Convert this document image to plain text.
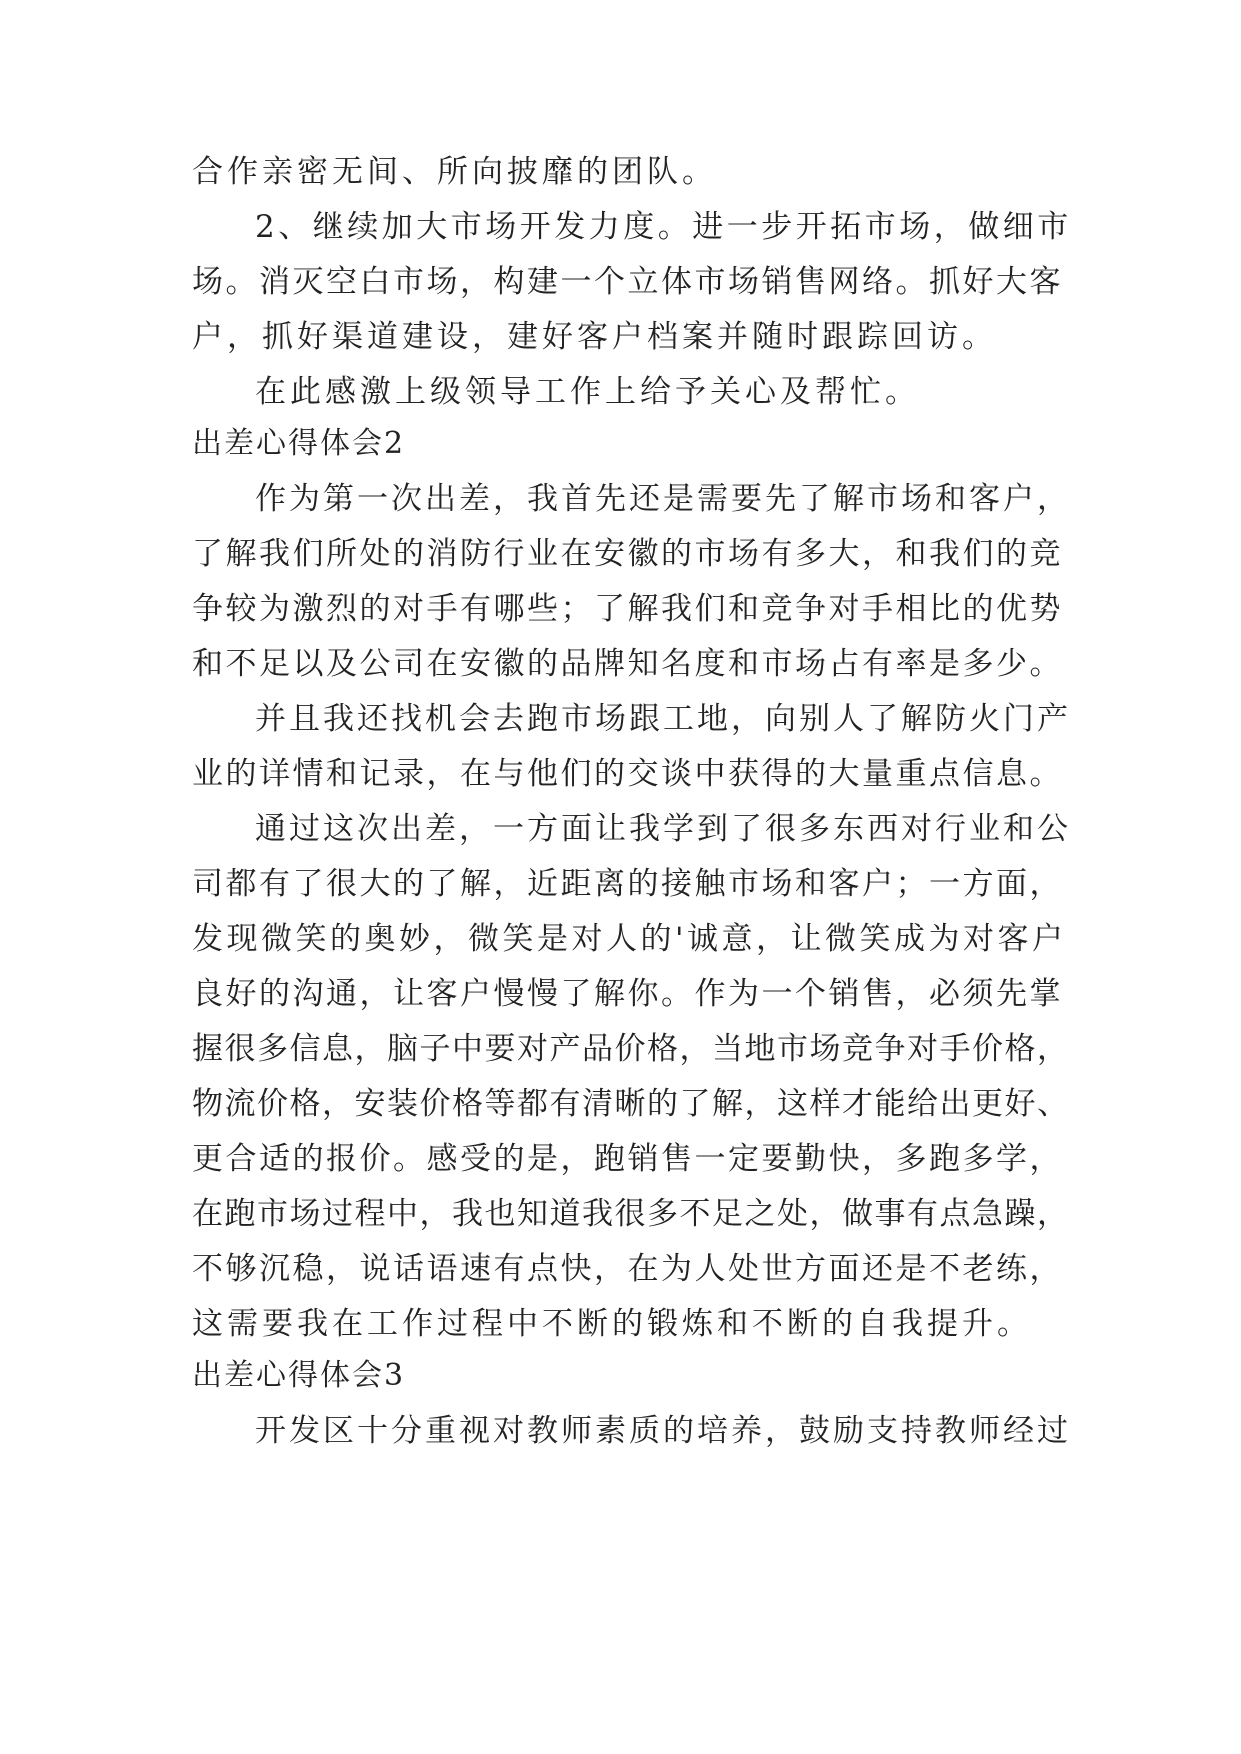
合作亲密无间、所向披靡的团队。
2、继续加大市场开发力度。进一步开拓市场，做细市
场。消灭空白市场，构建一个立体市场销售网络。抓好大客
户，抓好渠道建设，建好客户档案并随时跟踪回访。
在此感激上级领导工作上给予关心及帮忙。
出差心得体会2
作为第一次出差，我首先还是需要先了解市场和客户，
了解我们所处的消防行业在安徽的市场有多大，和我们的竞
争较为激烈的对手有哪些；了解我们和竞争对手相比的优势
和不足以及公司在安徽的品牌知名度和市场占有率是多少。
并且我还找机会去跑市场跟工地，向别人了解防火门产
业的详情和记录，在与他们的交谈中获得的大量重点信息。
通过这次出差，一方面让我学到了很多东西对行业和公
司都有了很大的了解，近距离的接触市场和客户；一方面，
发现微笑的奥妙，微笑是对人的'诚意，让微笑成为对客户
良好的沟通，让客户慢慢了解你。作为一个销售，必须先掌
握很多信息，脑子中要对产品价格，当地市场竞争对手价格，
物流价格，安装价格等都有清晰的了解，这样才能给出更好、
更合适的报价。感受的是，跑销售一定要勤快，多跑多学，
在跑市场过程中，我也知道我很多不足之处，做事有点急躁，
不够沉稳，说话语速有点快，在为人处世方面还是不老练，
这需要我在工作过程中不断的锻炼和不断的自我提升。
出差心得体会3
开发区十分重视对教师素质的培养，鼓励支持教师经过
